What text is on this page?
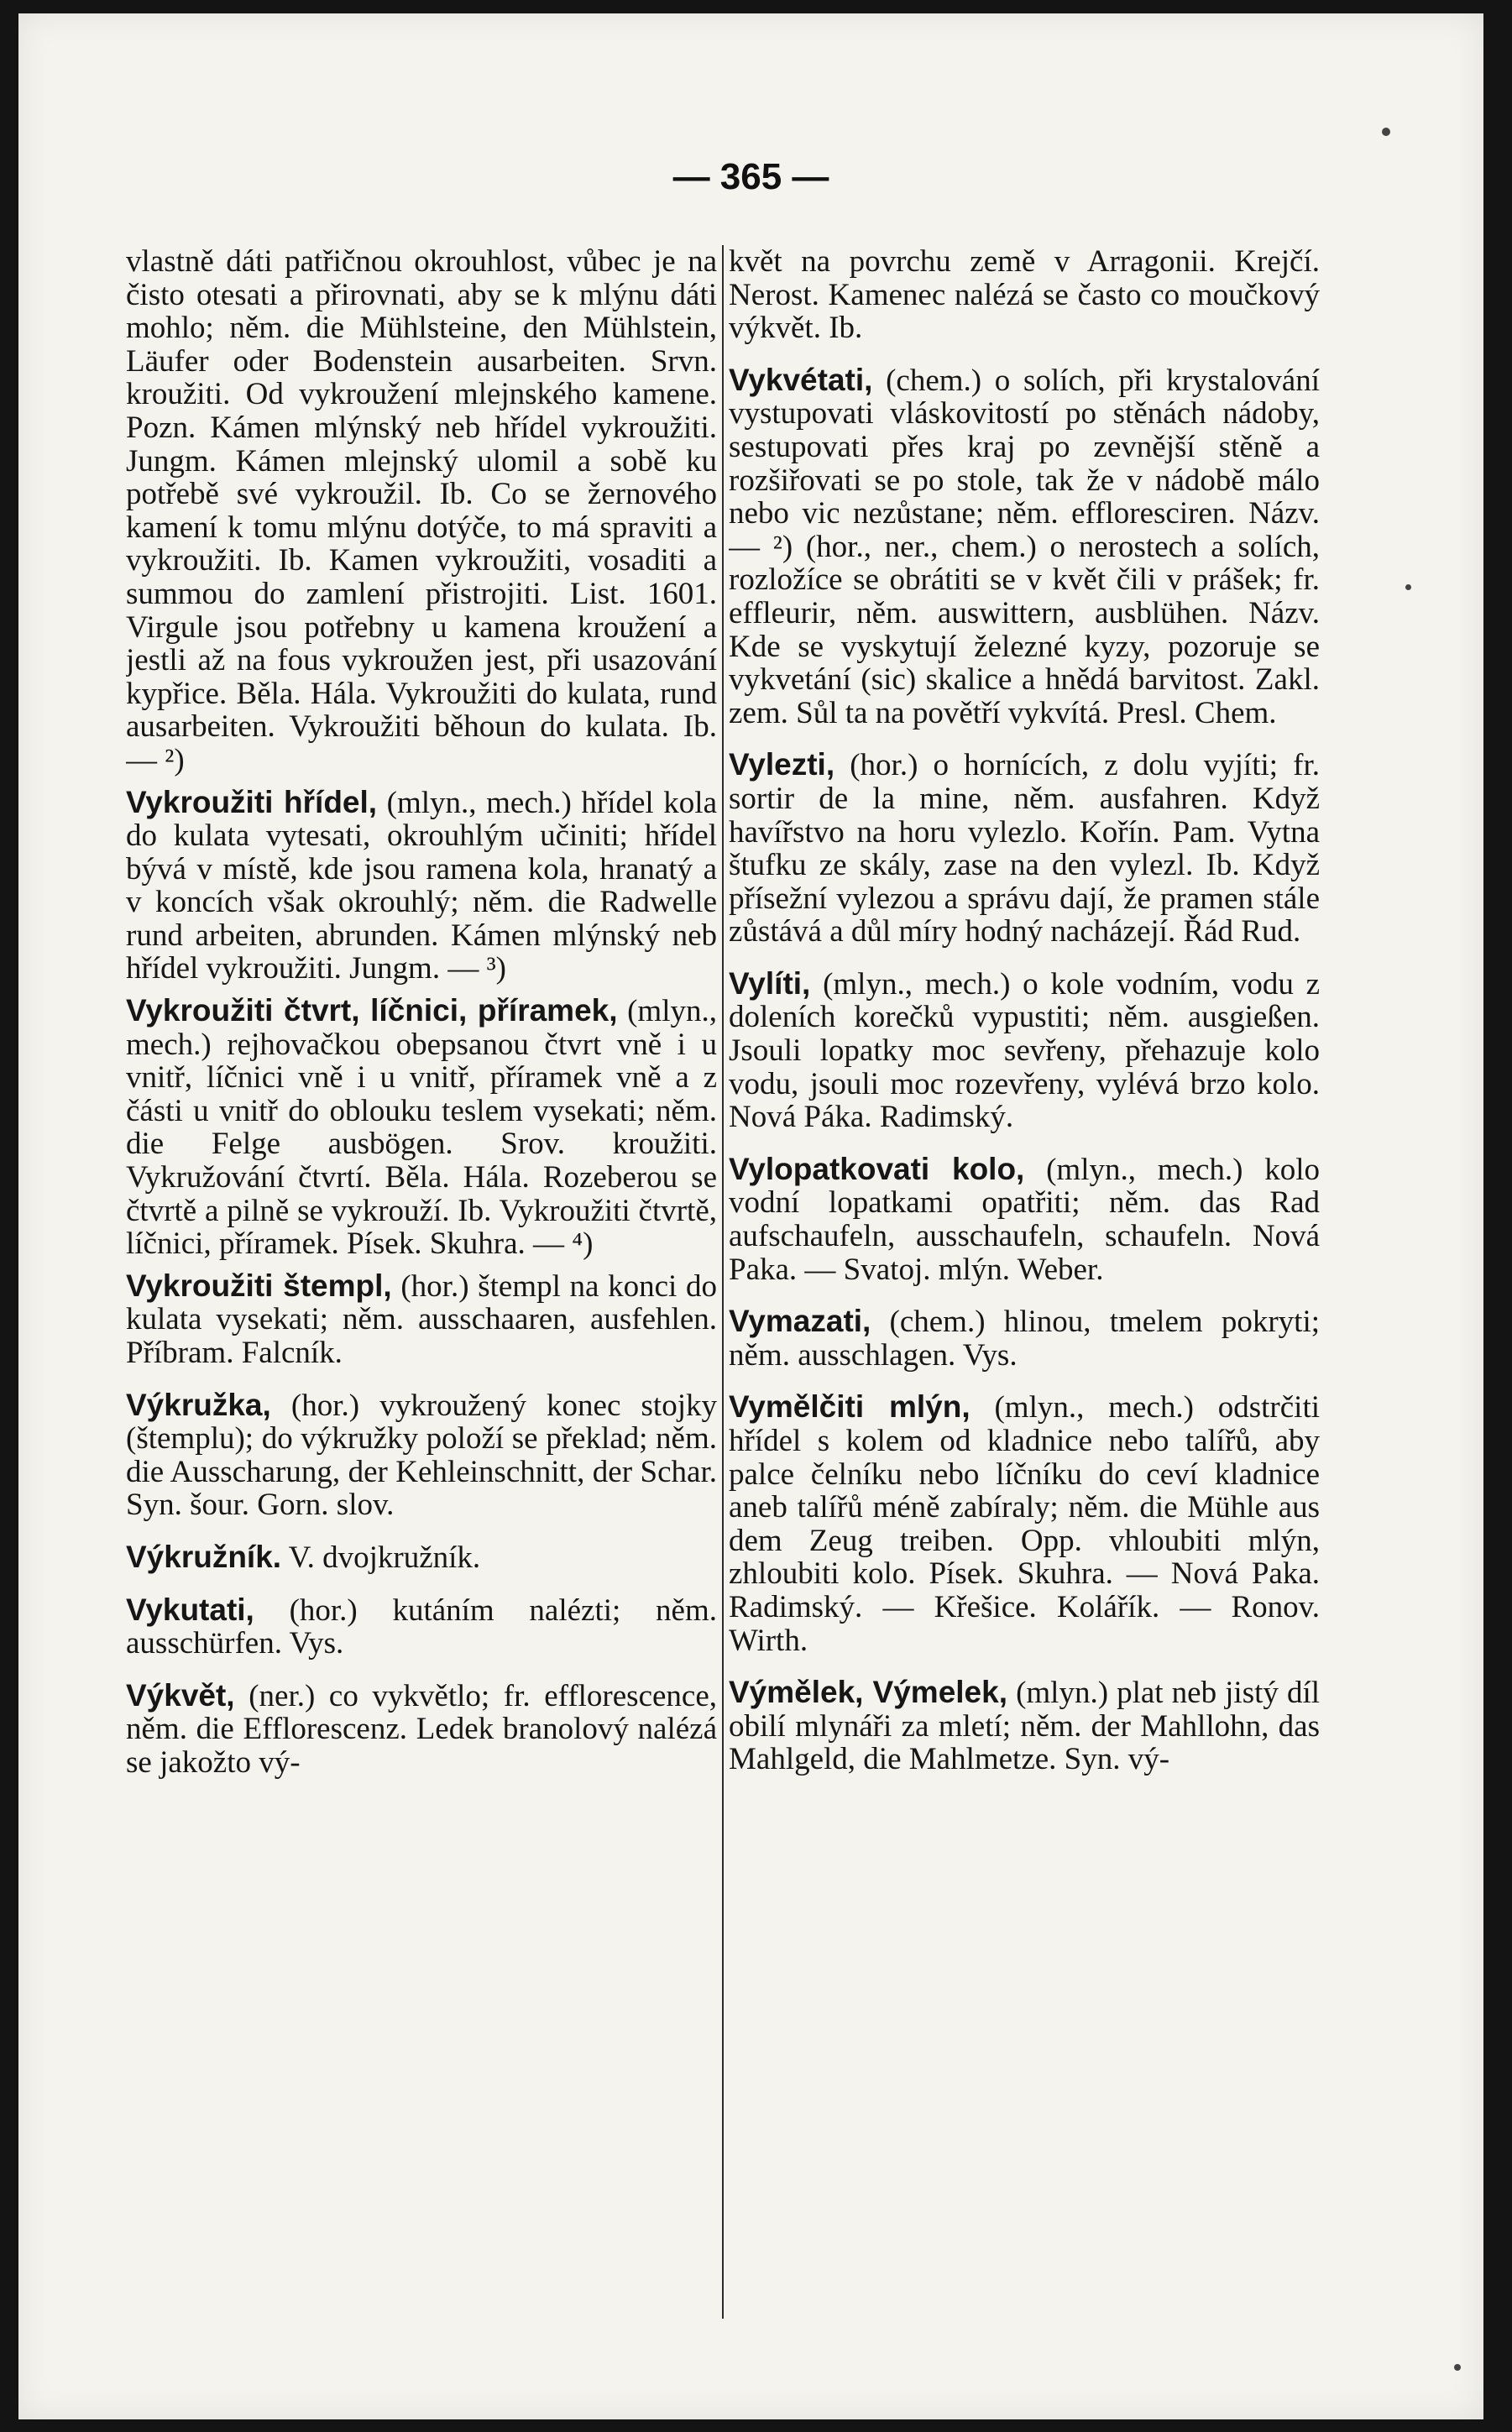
— 365 —

vlastně dáti patřičnou okrouhlost, vůbec je na čisto otesati a přirovnati, aby se k mlýnu dáti mohlo; něm. die Mühlsteine, den Mühlstein, Läufer oder Bodenstein ausarbeiten. Srvn. kroužiti. Od vykroužení mlejnského kamene. Pozn. Kámen mlýnský neb hřídel vykroužiti. Jungm. Kámen mlejnský ulomil a sobě ku potřebě své vykroužil. Ib. Co se žernového kamení k tomu mlýnu dotýče, to má spraviti a vykroužiti. Ib. Kamen vykroužiti, vosaditi a summou do zamlení přistrojiti. List. 1601. Virgule jsou potřebny u kamena kroužení a jestli až na fous vykroužen jest, při usazování kypřice. Běla. Hála. Vykroužiti do kulata, rund ausarbeiten. Vykroužiti běhoun do kulata. Ib. — ²)

Vykroužiti hřídel, (mlyn., mech.) hřídel kola do kulata vytesati, okrouhlým učiniti; hřídel bývá v místě, kde jsou ramena kola, hranatý a v koncích však okrouhlý; něm. die Radwelle rund arbeiten, abrunden. Kámen mlýnský neb hřídel vykroužiti. Jungm. — ³)

Vykroužiti čtvrt, líčnici, příramek, (mlyn., mech.) rejhovačkou obepsanou čtvrt vně i u vnitř, líčnici vně i u vnitř, příramek vně a z části u vnitř do oblouku teslem vysekati; něm. die Felge ausbögen. Srov. kroužiti. Vykružování čtvrtí. Běla. Hála. Rozeberou se čtvrtě a pilně se vykrouží. Ib. Vykroužiti čtvrtě, líčnici, příramek. Písek. Skuhra. — ⁴)

Vykroužiti štempl, (hor.) štempl na konci do kulata vysekati; něm. ausschaaren, ausfehlen. Příbram. Falcník.

Výkružka, (hor.) vykroužený konec stojky (štemplu); do výkružky položí se překlad; něm. die Ausscharung, der Kehleinschnitt, der Schar. Syn. šour. Gorn. slov.

Výkružník. V. dvojkružník.

Vykutati, (hor.) kutáním nalézti; něm. ausschürfen. Vys.

Výkvět, (ner.) co vykvětlo; fr. efflorescence, něm. die Efflorescenz. Ledek branolový nalézá se jakožto vý-

květ na povrchu země v Arragonii. Krejčí. Nerost. Kamenec nalézá se často co moučkový výkvět. Ib.

Vykvétati, (chem.) o solích, při krystalování vystupovati vláskovitostí po stěnách nádoby, sestupovati přes kraj po zevnější stěně a rozšiřovati se po stole, tak že v nádobě málo nebo vic nezůstane; něm. effloresciren. Názv. — ²) (hor., ner., chem.) o nerostech a solích, rozložíce se obrátiti se v květ čili v prášek; fr. effleurir, něm. auswittern, ausblühen. Názv. Kde se vyskytují železné kyzy, pozoruje se vykvetání (sic) skalice a hnědá barvitost. Zakl. zem. Sůl ta na povětří vykvítá. Presl. Chem.

Vylezti, (hor.) o hornících, z dolu vyjíti; fr. sortir de la mine, něm. ausfahren. Když havířstvo na horu vylezlo. Kořín. Pam. Vytna štufku ze skály, zase na den vylezl. Ib. Když přísežní vylezou a správu dají, že pramen stále zůstává a důl míry hodný nacházejí. Řád Rud.

Vylíti, (mlyn., mech.) o kole vodním, vodu z doleních korečků vypustiti; něm. ausgießen. Jsouli lopatky moc sevřeny, přehazuje kolo vodu, jsouli moc rozevřeny, vylévá brzo kolo. Nová Páka. Radimský.

Vylopatkovati kolo, (mlyn., mech.) kolo vodní lopatkami opatřiti; něm. das Rad aufschaufeln, ausschaufeln, schaufeln. Nová Paka. — Svatoj. mlýn. Weber.

Vymazati, (chem.) hlinou, tmelem pokryti; něm. ausschlagen. Vys.

Vymělčiti mlýn, (mlyn., mech.) odstrčiti hřídel s kolem od kladnice nebo talířů, aby palce čelníku nebo líčníku do ceví kladnice aneb talířů méně zabíraly; něm. die Mühle aus dem Zeug treiben. Opp. vhloubiti mlýn, zhloubiti kolo. Písek. Skuhra. — Nová Paka. Radimský. — Křešice. Kolářík. — Ronov. Wirth.

Výmělek, Výmelek, (mlyn.) plat neb jistý díl obilí mlynáři za mletí; něm. der Mahllohn, das Mahlgeld, die Mahlmetze. Syn. vý-
